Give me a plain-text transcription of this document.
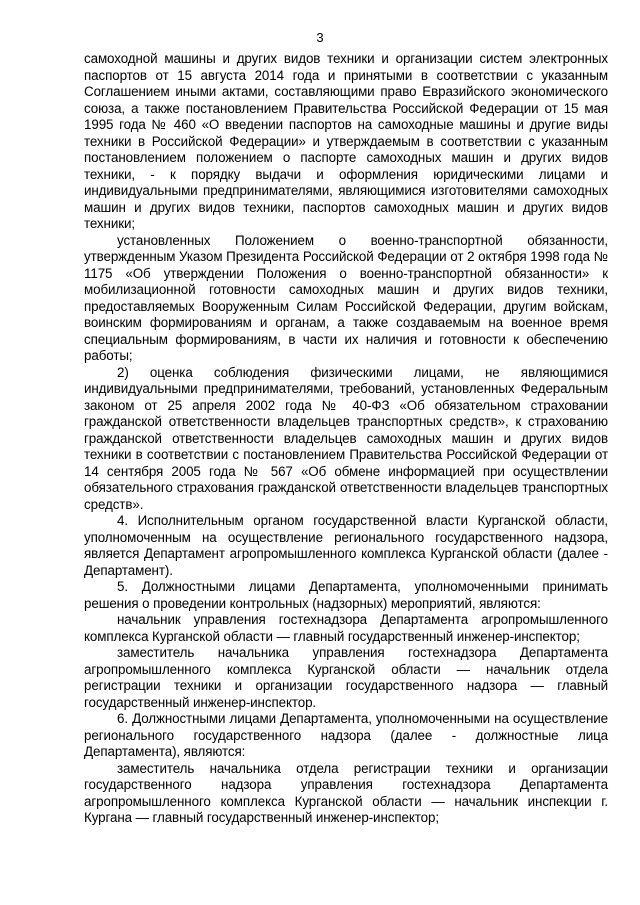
3

самоходной машины и других видов техники и организации систем электронных паспортов от 15 августа 2014 года и принятыми в соответствии с указанным Соглашением иными актами, составляющими право Евразийского экономического союза, а также постановлением Правительства Российской Федерации от 15 мая 1995 года № 460 «О введении паспортов на самоходные машины и другие виды техники в Российской Федерации» и утверждаемым в соответствии с указанным постановлением положением о паспорте самоходных машин и других видов техники, - к порядку выдачи и оформления юридическими лицами и индивидуальными предпринимателями, являющимися изготовителями самоходных машин и других видов техники, паспортов самоходных машин и других видов техники;

установленных Положением о военно-транспортной обязанности, утвержденным Указом Президента Российской Федерации от 2 октября 1998 года № 1175 «Об утверждении Положения о военно-транспортной обязанности» к мобилизационной готовности самоходных машин и других видов техники, предоставляемых Вооруженным Силам Российской Федерации, другим войскам, воинским формированиям и органам, а также создаваемым на военное время специальным формированиям, в части их наличия и готовности к обеспечению работы;

2) оценка соблюдения физическими лицами, не являющимися индивидуальными предпринимателями, требований, установленных Федеральным законом от 25 апреля 2002 года № 40-ФЗ «Об обязательном страховании гражданской ответственности владельцев транспортных средств», к страхованию гражданской ответственности владельцев самоходных машин и других видов техники в соответствии с постановлением Правительства Российской Федерации от 14 сентября 2005 года № 567 «Об обмене информацией при осуществлении обязательного страхования гражданской ответственности владельцев транспортных средств».

4. Исполнительным органом государственной власти Курганской области, уполномоченным на осуществление регионального государственного надзора, является Департамент агропромышленного комплекса Курганской области (далее - Департамент).

5. Должностными лицами Департамента, уполномоченными принимать решения о проведении контрольных (надзорных) мероприятий, являются:

начальник управления гостехнадзора Департамента агропромышленного комплекса Курганской области — главный государственный инженер-инспектор;

заместитель начальника управления гостехнадзора Департамента агропромышленного комплекса Курганской области — начальник отдела регистрации техники и организации государственного надзора — главный государственный инженер-инспектор.

6. Должностными лицами Департамента, уполномоченными на осуществление регионального государственного надзора (далее - должностные лица Департамента), являются:

заместитель начальника отдела регистрации техники и организации государственного надзора управления гостехнадзора Департамента агропромышленного комплекса Курганской области — начальник инспекции г. Кургана — главный государственный инженер-инспектор;
